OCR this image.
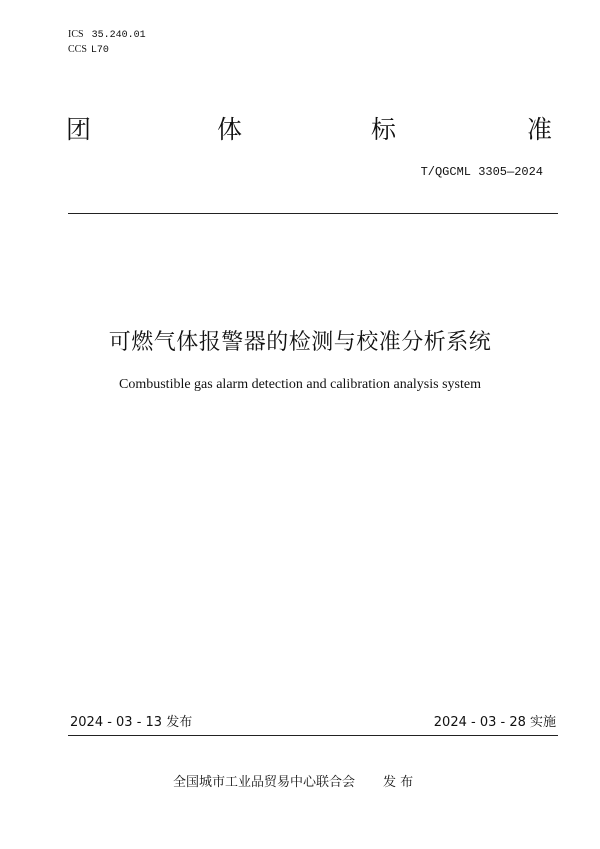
ICS 35.240.01
CCS L70
团	体	标	准
T/QGCML 3305—2024
可燃气体报警器的检测与校准分析系统
Combustible gas alarm detection and calibration analysis system
2024 - 03 - 13 发布	2024 - 03 - 28 实施
全国城市工业品贸易中心联合会 发 布
